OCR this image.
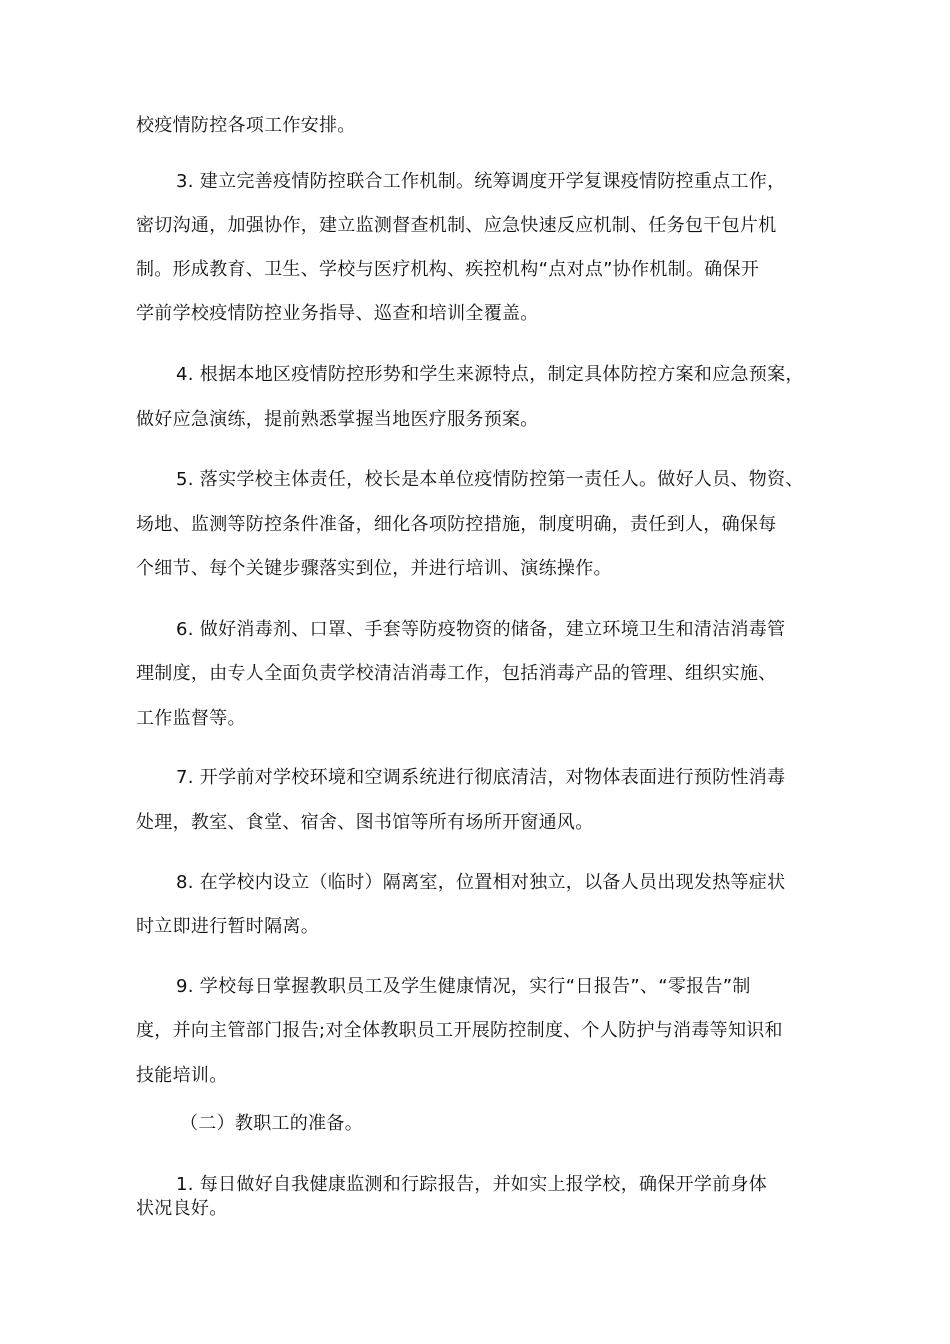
校疫情防控各项工作安排。
3. 建立完善疫情防控联合工作机制。统筹调度开学复课疫情防控重点工作，
密切沟通，加强协作，建立监测督查机制、应急快速反应机制、任务包干包片机
制。形成教育、卫生、学校与医疗机构、疾控机构“点对点”协作机制。确保开
学前学校疫情防控业务指导、巡查和培训全覆盖。
4. 根据本地区疫情防控形势和学生来源特点，制定具体防控方案和应急预案，
做好应急演练，提前熟悉掌握当地医疗服务预案。
5. 落实学校主体责任，校长是本单位疫情防控第一责任人。做好人员、物资、
场地、监测等防控条件准备，细化各项防控措施，制度明确，责任到人，确保每
个细节、每个关键步骤落实到位，并进行培训、演练操作。
6. 做好消毒剂、口罩、手套等防疫物资的储备，建立环境卫生和清洁消毒管
理制度，由专人全面负责学校清洁消毒工作，包括消毒产品的管理、组织实施、
工作监督等。
7. 开学前对学校环境和空调系统进行彻底清洁，对物体表面进行预防性消毒
处理，教室、食堂、宿舍、图书馆等所有场所开窗通风。
8. 在学校内设立（临时）隔离室，位置相对独立，以备人员出现发热等症状
时立即进行暂时隔离。
9. 学校每日掌握教职员工及学生健康情况，实行“日报告”、“零报告”制
度，并向主管部门报告;对全体教职员工开展防控制度、个人防护与消毒等知识和
技能培训。
（二）教职工的准备。
1. 每日做好自我健康监测和行踪报告，并如实上报学校，确保开学前身体
状况良好。
